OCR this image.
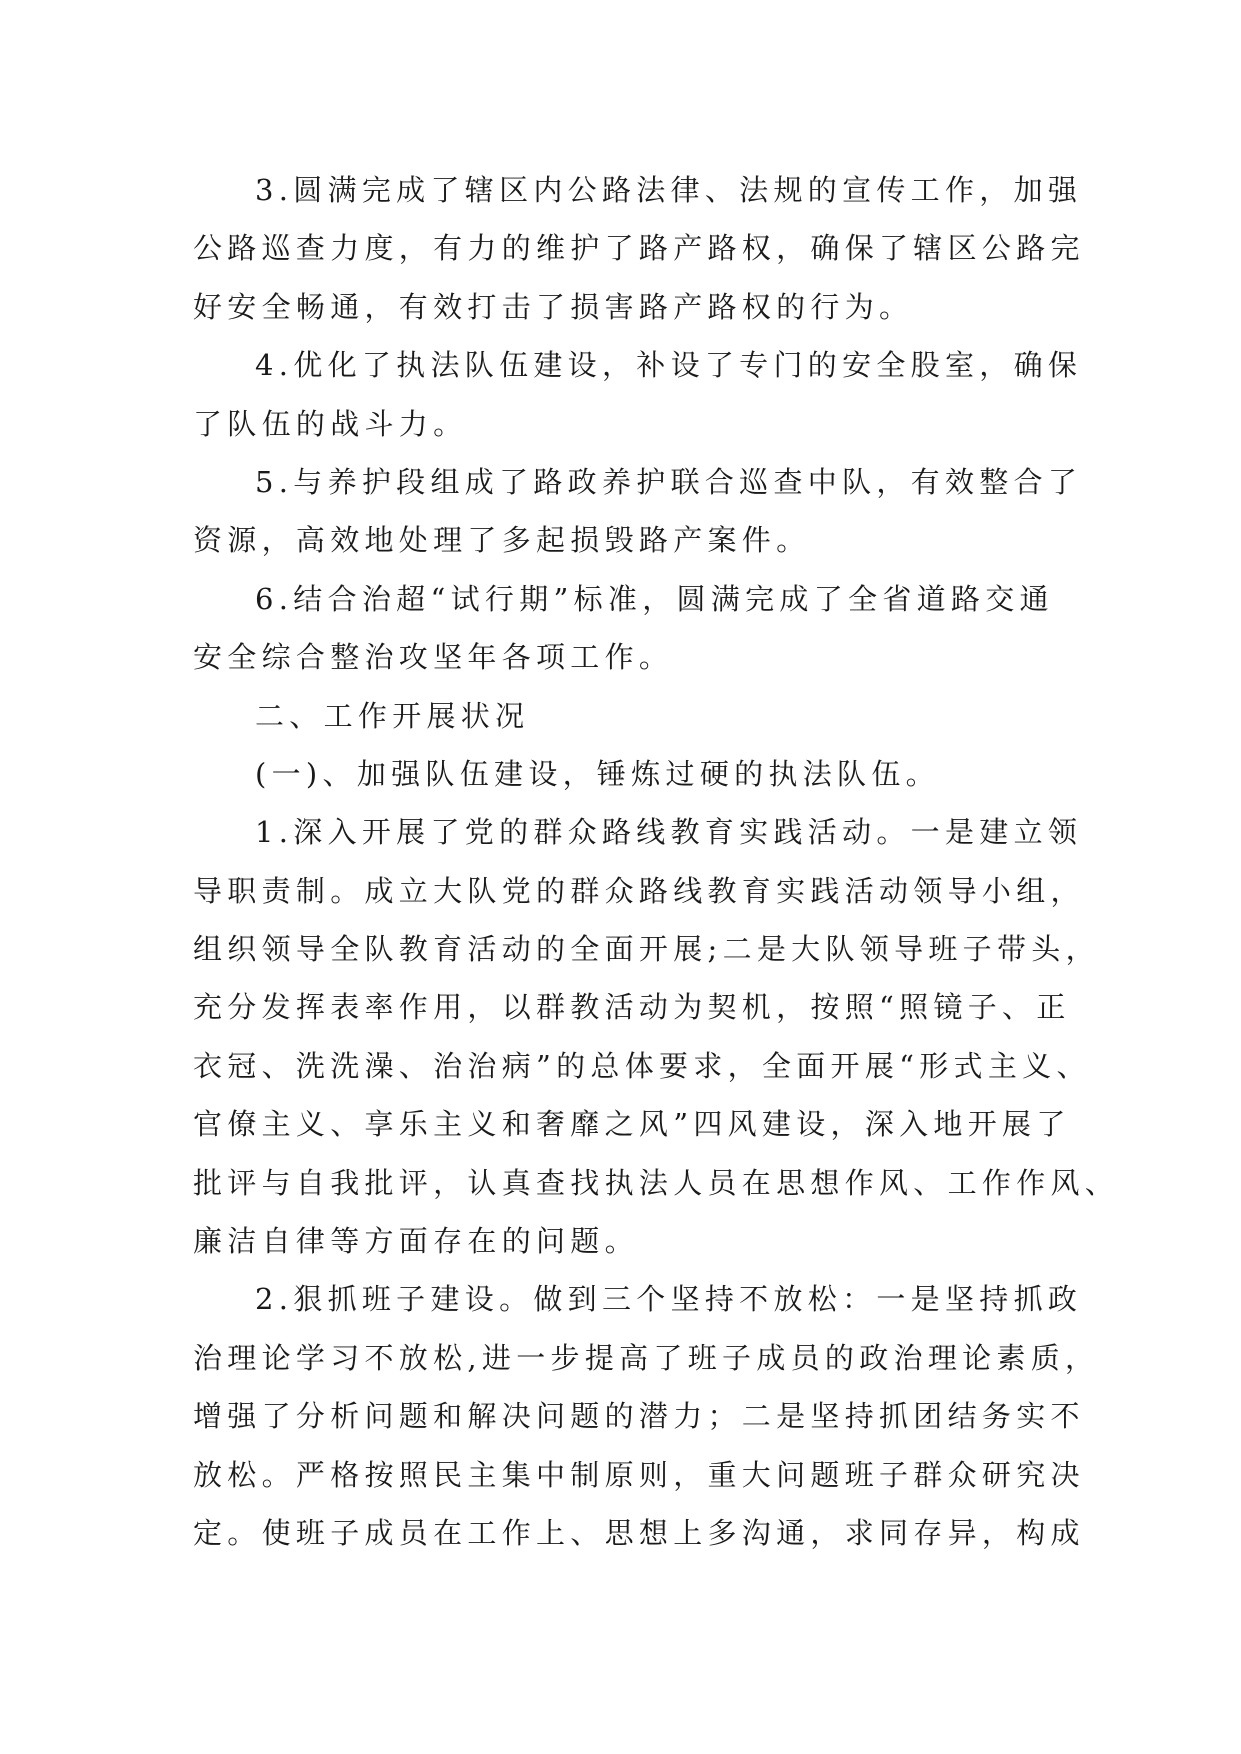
3.圆满完成了辖区内公路法律、法规的宣传工作，加强
公路巡查力度，有力的维护了路产路权，确保了辖区公路完
好安全畅通，有效打击了损害路产路权的行为。
4.优化了执法队伍建设，补设了专门的安全股室，确保
了队伍的战斗力。
5.与养护段组成了路政养护联合巡查中队，有效整合了
资源，高效地处理了多起损毁路产案件。
6.结合治超“试行期”标准，圆满完成了全省道路交通
安全综合整治攻坚年各项工作。
二、工作开展状况
(一)、加强队伍建设，锤炼过硬的执法队伍。
1.深入开展了党的群众路线教育实践活动。一是建立领
导职责制。成立大队党的群众路线教育实践活动领导小组，
组织领导全队教育活动的全面开展;二是大队领导班子带头，
充分发挥表率作用，以群教活动为契机，按照“照镜子、正
衣冠、洗洗澡、治治病”的总体要求，全面开展“形式主义、
官僚主义、享乐主义和奢靡之风”四风建设，深入地开展了
批评与自我批评，认真查找执法人员在思想作风、工作作风、
廉洁自律等方面存在的问题。
2.狠抓班子建设。做到三个坚持不放松：一是坚持抓政
治理论学习不放松,进一步提高了班子成员的政治理论素质，
增强了分析问题和解决问题的潜力；二是坚持抓团结务实不
放松。严格按照民主集中制原则，重大问题班子群众研究决
定。使班子成员在工作上、思想上多沟通，求同存异，构成
